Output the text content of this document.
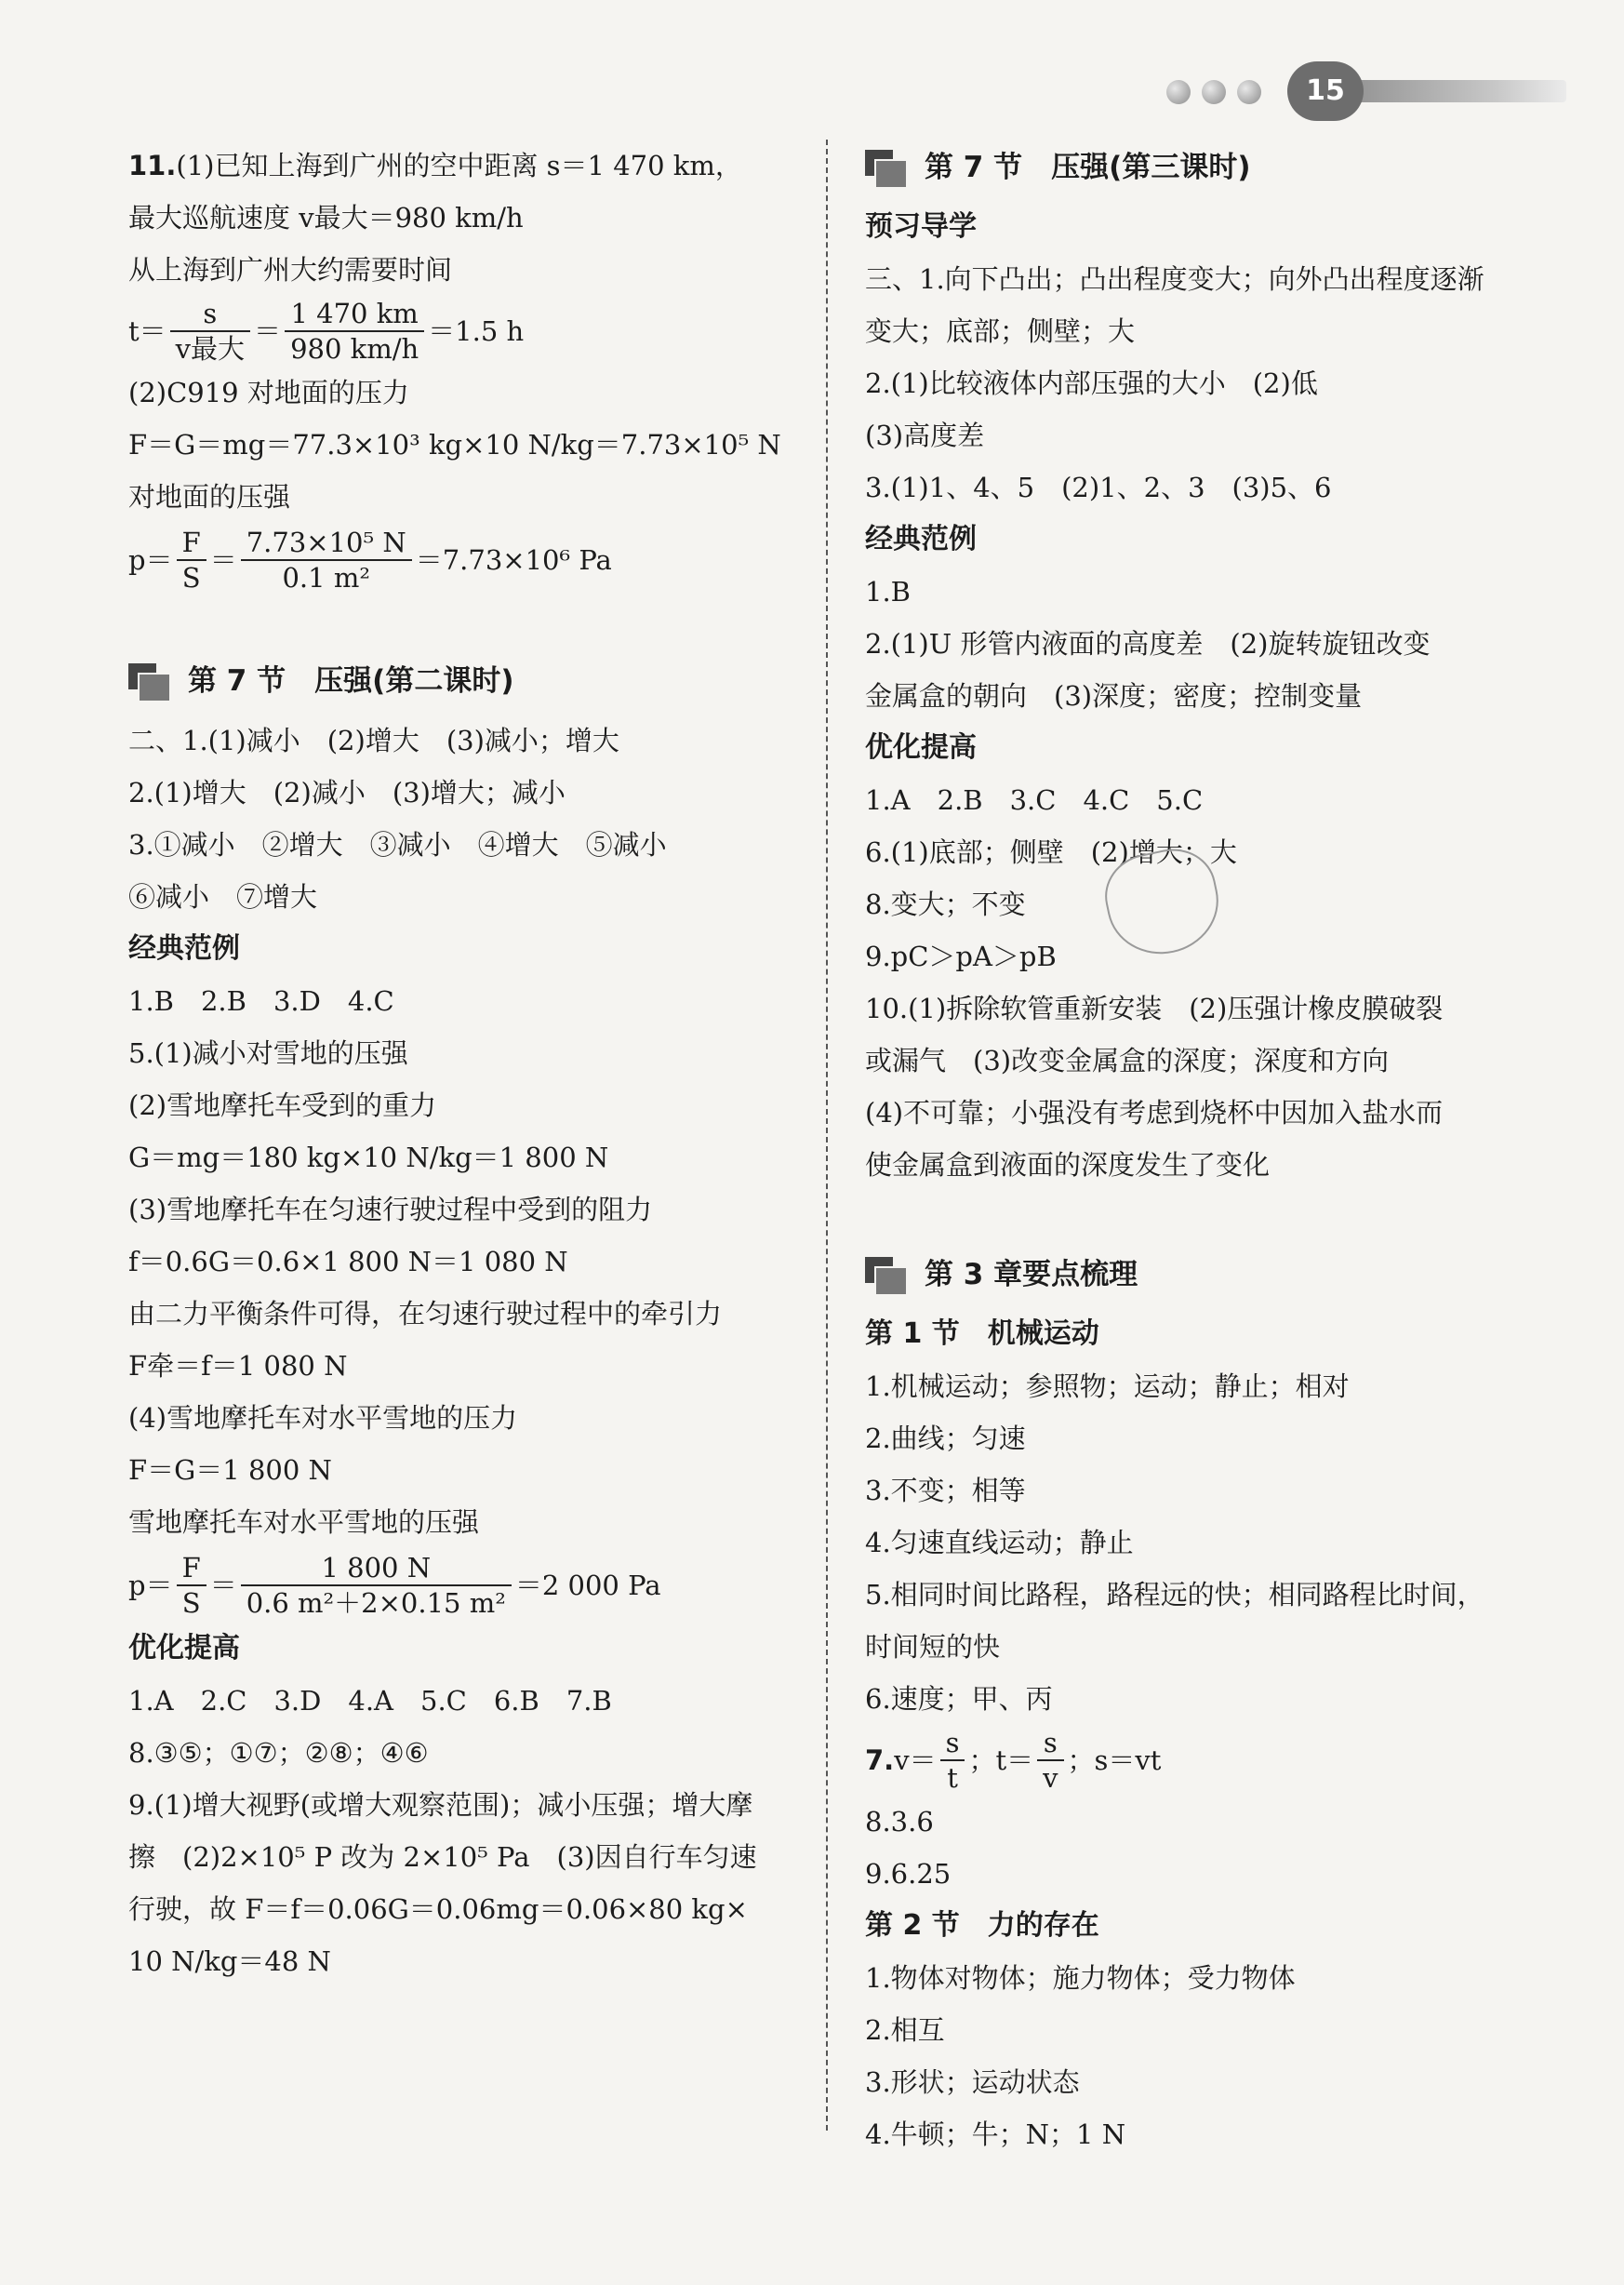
15
11.(1)已知上海到广州的空中距离 s＝1 470 km，
最大巡航速度 v最大＝980 km/h
从上海到广州大约需要时间
$t= \frac{s}{\text{v最大}} = \frac{1 470 km}{980 km/h} =1.5$ h
(2)C919 对地面的压力
F＝G＝mg＝77.3×10³ kg×10 N/kg＝7.73×10⁵ N
对地面的压强
$p= \frac{F}{S} = \frac{\text{7.73×10⁵ N}}{\text{0.1 m²}} =7.73\times 10^6$ Pa
第 7 节　压强(第二课时)
二、1.(1)减小　(2)增大　(3)减小；增大
2.(1)增大　(2)减小　(3)增大；减小
3.①减小　②增大　③减小　④增大　⑤减小
⑥减小　⑦增大
经典范例
1.B　2.B　3.D　4.C
5.(1)减小对雪地的压强
(2)雪地摩托车受到的重力
G＝mg＝180 kg×10 N/kg＝1 800 N
(3)雪地摩托车在匀速行驶过程中受到的阻力
f＝0.6G＝0.6×1 800 N＝1 080 N
由二力平衡条件可得，在匀速行驶过程中的牵引力
F牵＝f＝1 080 N
(4)雪地摩托车对水平雪地的压力
F＝G＝1 800 N
雪地摩托车对水平雪地的压强
$p= \frac{F}{S} = \frac{1 800 N}{\text{0.6 m²＋2×0.15 m²}} =2$ 000 Pa
优化提高
1.A　2.C　3.D　4.A　5.C　6.B　7.B
8.③⑤；①⑦；②⑧；④⑥
9.(1)增大视野(或增大观察范围)；减小压强；增大摩
擦　(2)2×10⁵ P 改为 2×10⁵ Pa　(3)因自行车匀速
行驶，故 F＝f＝0.06G＝0.06mg＝0.06×80 kg×
10 N/kg＝48 N
第 7 节　压强(第三课时)
预习导学
三、1.向下凸出；凸出程度变大；向外凸出程度逐渐
变大；底部；侧壁；大
2.(1)比较液体内部压强的大小　(2)低
(3)高度差
3.(1)1、4、5　(2)1、2、3　(3)5、6
经典范例
1.B
2.(1)U 形管内液面的高度差　(2)旋转旋钮改变
金属盒的朝向　(3)深度；密度；控制变量
优化提高
1.A　2.B　3.C　4.C　5.C
6.(1)底部；侧壁　(2)增大；大
8.变大；不变
9.pC＞pA＞pB
10.(1)拆除软管重新安装　(2)压强计橡皮膜破裂
或漏气　(3)改变金属盒的深度；深度和方向
(4)不可靠；小强没有考虑到烧杯中因加入盐水而
使金属盒到液面的深度发生了变化
第 3 章要点梳理
第 1 节　机械运动
1.机械运动；参照物；运动；静止；相对
2.曲线；匀速
3.不变；相等
4.匀速直线运动；静止
5.相同时间比路程，路程远的快；相同路程比时间，
时间短的快
6.速度；甲、丙
7. $v= \frac{s}{t}$ ；$t= \frac{s}{v}$ ；s＝vt
8.3.6
9.6.25
第 2 节　力的存在
1.物体对物体；施力物体；受力物体
2.相互
3.形状；运动状态
4.牛顿；牛；N；1 N
